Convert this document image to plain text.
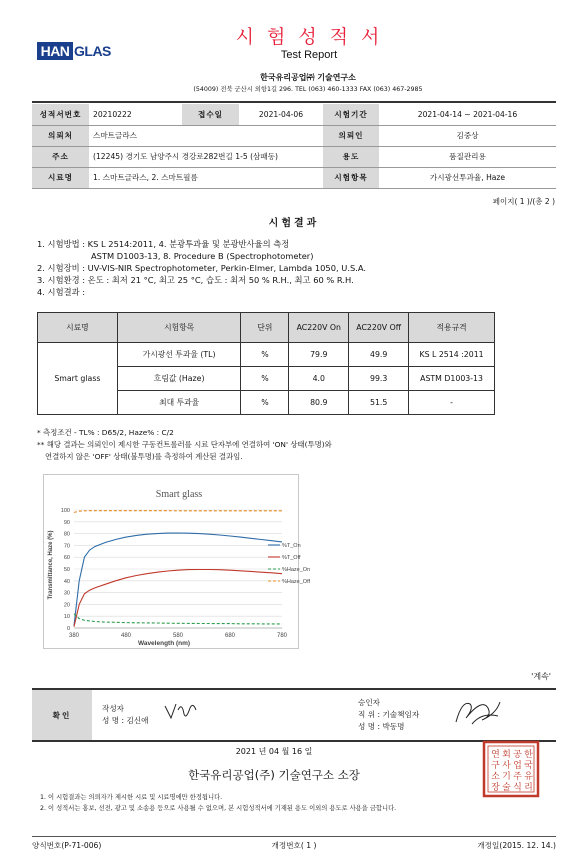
HAN GLAS
시험성적서
Test Report
한국유리공업㈜ 기술연구소
(54009) 전북 군산시 외항1길 296. TEL (063) 460-1333 FAX (063) 467-2985
성적서번호	20210222	접수일	2021-04-06	시험기간	2021-04-14 ~ 2021-04-16
의뢰처	스마트글라스			의뢰인	김중상
주소	(12245) 경기도 남양주시 경강로282번길 1-5 (삼패동)			용도	품질관리용
시료명	1. 스마트글라스, 2. 스마트필름			시험항목	가시광선투과율, Haze
페이지( 1 )/(총 2 )
시험결과
1. 시험방법 : KS L 2514:2011, 4. 분광투과율 및 분광반사율의 측정
ASTM D1003-13, 8. Procedure B (Spectrophotometer)
2. 시험장비 : UV-VIS-NIR Spectrophotometer, Perkin-Elmer, Lambda 1050, U.S.A.
3. 시험환경 : 온도 : 최저 21 °C, 최고 25 °C, 습도 : 최저 50 % R.H., 최고 60 % R.H.
4. 시험결과 :
시료명	시험항목	단위	AC220V On	AC220V Off	적용규격
Smart glass	가시광선 투과율 (TL)	%	79.9	49.9	KS L 2514 :2011
	흐림값 (Haze)	%	4.0	99.3	ASTM D1003-13
	최대 투과율	%	80.9	51.5	-
* 측정조건 - TL% : D65/2, Haze% : C/2
** 해당 결과는 의뢰인이 제시한 구동컨트롤러를 시료 단자부에 연결하여 'ON' 상태(투명)와
연결하지 않은 'OFF' 상태(불투명)를 측정하여 계산된 결과임.
0
10
20
30
40
50
60
70
80
90
100
380	480	580	680	780
%T_On
%T_Off
%Haze_On
%Haze_Off
Smart glass
Wavelength (nm)
Transmittance, Haze (%)
'계속'
확인	
작성자
성 명 : 김신애

승인자
직 위 : 기술책임자
성 명 : 박동명
2021 년 04 월 16 일
한국유리공업(주) 기술연구소 소장
한
국
유
리
공
업
주
식
회
사
기
술
연
구
소
장
1. 이 시험결과는 의뢰자가 제시한 시료 및 시료명에만 한정됩니다.
2. 이 성적서는 홍보, 선전, 광고 및 소송용 등으로 사용될 수 없으며, 본 시험성적서에 기재된 용도 이외의 용도로 사용을 금합니다.
양식번호(P-71-006)	개정번호( 1 )	개정일(2015. 12. 14.)
